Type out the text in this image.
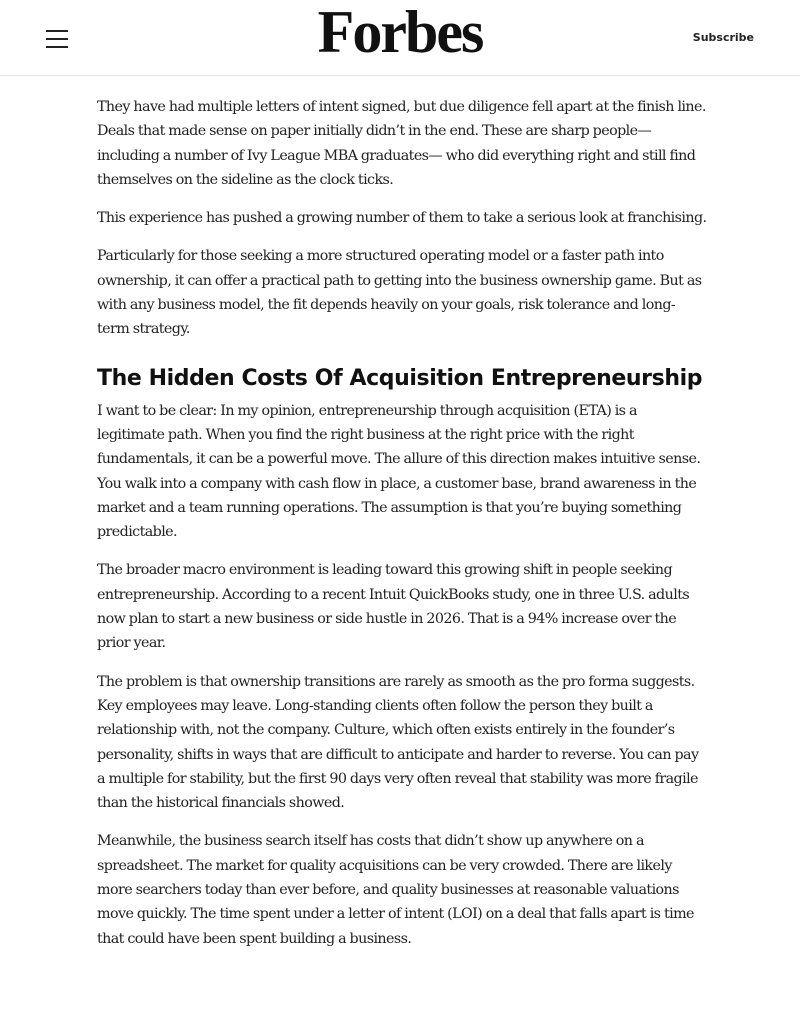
Forbes	Subscribe

They have had multiple letters of intent signed, but due diligence fell apart at the finish line. Deals that made sense on paper initially didn’t in the end. These are sharp people— including a number of Ivy League MBA graduates— who did everything right and still find themselves on the sideline as the clock ticks.

This experience has pushed a growing number of them to take a serious look at franchising.

Particularly for those seeking a more structured operating model or a faster path into ownership, it can offer a practical path to getting into the business ownership game. But as with any business model, the fit depends heavily on your goals, risk tolerance and long-term strategy.

The Hidden Costs Of Acquisition Entrepreneurship

I want to be clear: In my opinion, entrepreneurship through acquisition (ETA) is a legitimate path. When you find the right business at the right price with the right fundamentals, it can be a powerful move. The allure of this direction makes intuitive sense. You walk into a company with cash flow in place, a customer base, brand awareness in the market and a team running operations. The assumption is that you’re buying something predictable.

The broader macro environment is leading toward this growing shift in people seeking entrepreneurship. According to a recent Intuit QuickBooks study, one in three U.S. adults now plan to start a new business or side hustle in 2026. That is a 94% increase over the prior year.

The problem is that ownership transitions are rarely as smooth as the pro forma suggests. Key employees may leave. Long-standing clients often follow the person they built a relationship with, not the company. Culture, which often exists entirely in the founder’s personality, shifts in ways that are difficult to anticipate and harder to reverse. You can pay a multiple for stability, but the first 90 days very often reveal that stability was more fragile than the historical financials showed.

Meanwhile, the business search itself has costs that didn’t show up anywhere on a spreadsheet. The market for quality acquisitions can be very crowded. There are likely more searchers today than ever before, and quality businesses at reasonable valuations move quickly. The time spent under a letter of intent (LOI) on a deal that falls apart is time that could have been spent building a business.
